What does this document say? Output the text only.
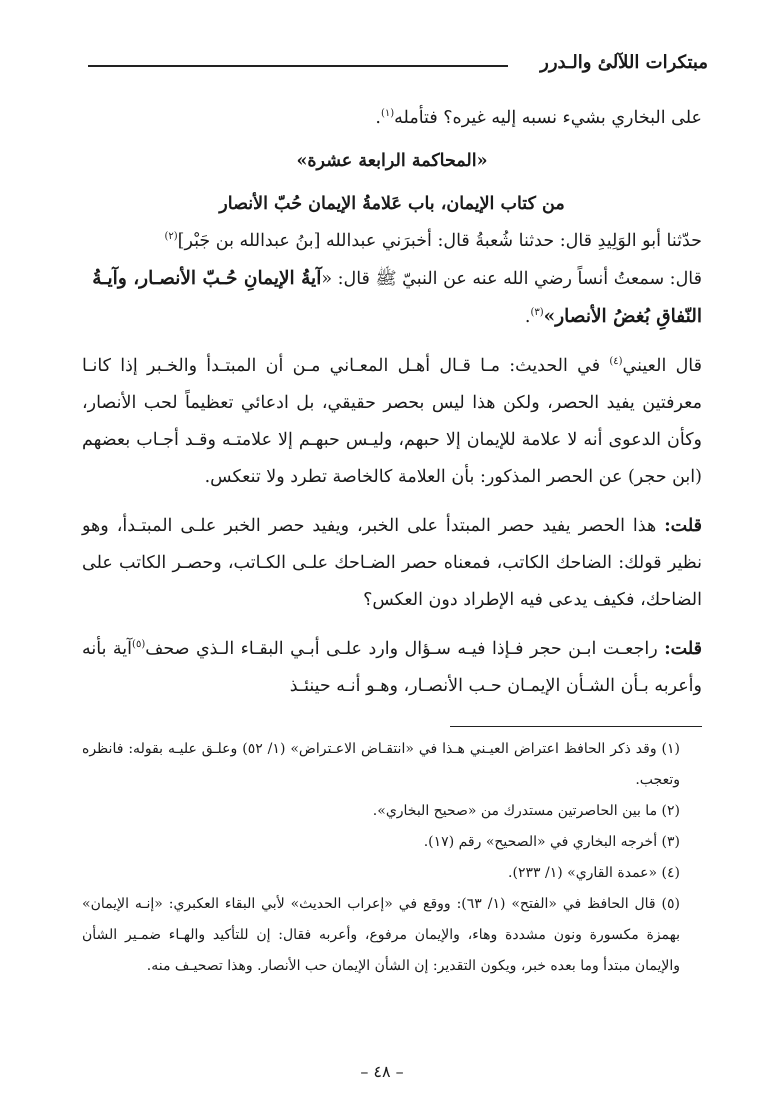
مبتكرات اللآلئ والـدرر

على البخاري بشيء نسبه إليه غيره؟ فتأمله$^{(١)}$.

«المحاكمة الرابعة عشرة»

من كتاب الإيمان، باب عَلامةُ الإيمان حُبّ الأنصار

حدّثنا أبو الوَلِيدِ قال: حدثنا شُعبةُ قال: أخبرَني عبدالله [بنُ عبدالله بن جَبْر]$^{(٢)}$

قال: سمعتُ أنساً رضي الله عنه عن النبيّ ﷺ قال: «آيةُ الإيمانِ حُـبّ الأنصـار، وآيـةُ

النّفاقِ بُغضُ الأنصار»$^{(٣)}$.

قال العيني$^{(٤)}$ في الحديث: مـا قـال أهـل المعـاني مـن أن المبتـدأ والخـبر إذا كانـا معرفتين يفيد الحصر، ولكن هذا ليس بحصر حقيقي، بل ادعائي تعظيماً لحب الأنصار، وكأن الدعوى أنه لا علامة للإيمان إلا حبهم، وليـس حبهـم إلا علامتـه وقـد أجـاب بعضهم (ابن حجر) عن الحصر المذكور: بأن العلامة كالخاصة تطرد ولا تنعكس.

قلت: هذا الحصر يفيد حصر المبتدأ على الخبر، ويفيد حصر الخبر علـى المبتـدأ، وهو نظير قولك: الضاحك الكاتب، فمعناه حصر الضـاحك علـى الكـاتب، وحصـر الكاتب على الضاحك، فكيف يدعى فيه الإطراد دون العكس؟

قلت: راجعـت ابـن حجر فـإذا فيـه سـؤال وارد علـى أبـي البقـاء الـذي صحف$^{(٥)}$آية بأنه وأعربه بـأن الشـأن الإيمـان حـب الأنصـار، وهـو أنـه حينئـذ

(١) وقد ذكر الحافظ اعتراض العيـني هـذا في «انتقـاض الاعـتراض» (١/ ٥٢) وعلـق عليـه بقوله: فانظره وتعجب.

(٢) ما بين الحاصرتين مستدرك من «صحيح البخاري».

(٣) أخرجه البخاري في «الصحيح» رقم (١٧).

(٤) «عمدة القاري» (١/ ٢٣٣).

(٥) قال الحافظ في «الفتح» (١/ ٦٣): ووقع في «إعراب الحديث» لأبي البقاء العكبري: «إنـه الإيمان» بهمزة مكسورة ونون مشددة وهاء، والإيمان مرفوع، وأعربه فقال: إن للتأكيد والهـاء ضمـير الشأن والإيمان مبتدأ وما بعده خبر، ويكون التقدير: إن الشأن الإيمان حب الأنصار. وهذا تصحيـف منه.

– ٤٨ –
